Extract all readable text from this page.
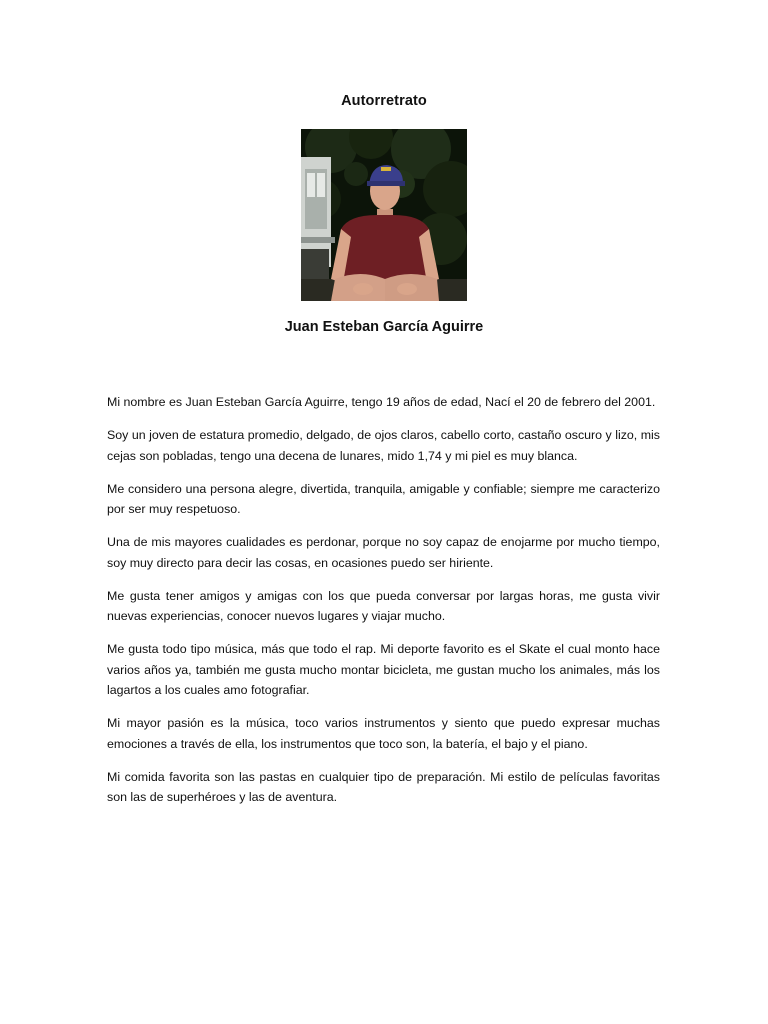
Autorretrato
Juan Esteban García Aguirre

Mi nombre es Juan Esteban García Aguirre, tengo 19 años de edad, Nací el 20 de febrero del 2001.

Soy un joven de estatura promedio, delgado, de ojos claros, cabello corto, castaño oscuro y lizo, mis cejas son pobladas, tengo una decena de lunares, mido 1,74 y mi piel es muy blanca.

Me considero una persona alegre, divertida, tranquila, amigable y confiable; siempre me caracterizo por ser muy respetuoso.

Una de mis mayores cualidades es perdonar, porque no soy capaz de enojarme por mucho tiempo, soy muy directo para decir las cosas, en ocasiones puedo ser hiriente.

Me gusta tener amigos y amigas con los que pueda conversar por largas horas, me gusta vivir nuevas experiencias, conocer nuevos lugares y viajar mucho.

Me gusta todo tipo música, más que todo el rap. Mi deporte favorito es el Skate el cual monto hace varios años ya, también me gusta mucho montar bicicleta, me gustan mucho los animales, más los lagartos a los cuales amo fotografiar.

Mi mayor pasión es la música, toco varios instrumentos y siento que puedo expresar muchas emociones a través de ella, los instrumentos que toco son, la batería, el bajo y el piano.

Mi comida favorita son las pastas en cualquier tipo de preparación. Mi estilo de películas favoritas son las de superhéroes y las de aventura.
